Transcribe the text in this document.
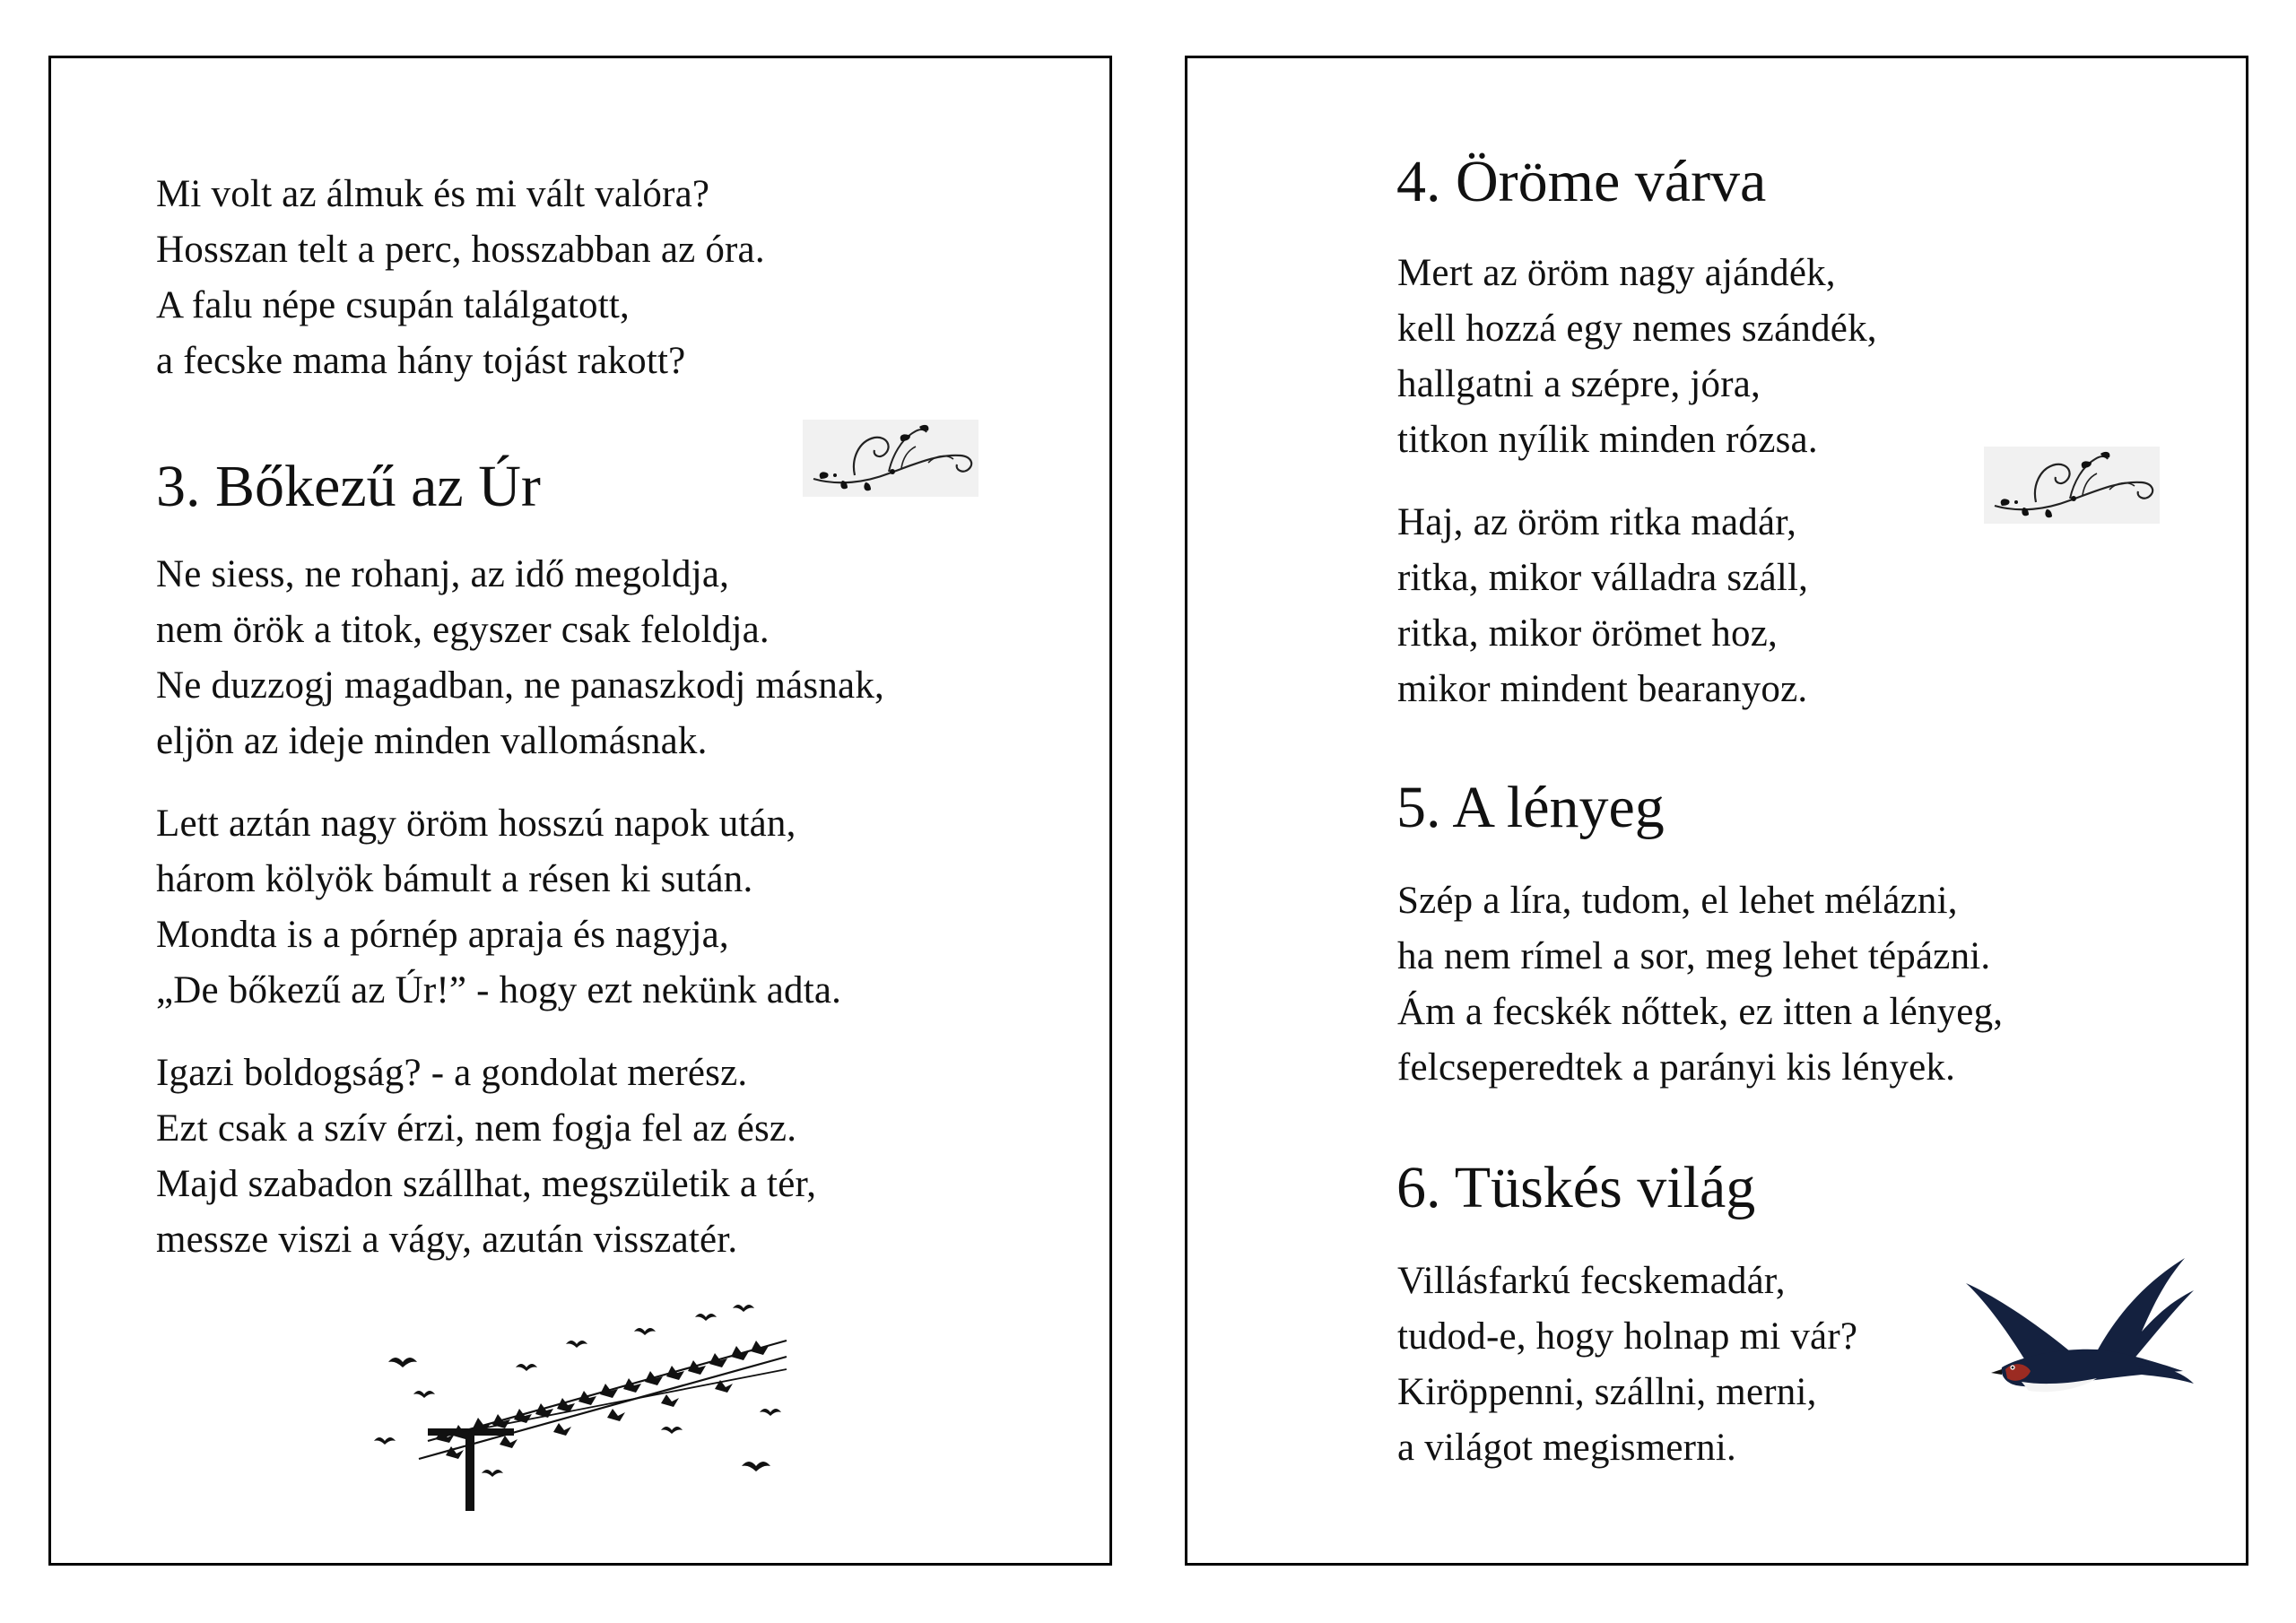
Mi volt az álmuk és mi vált valóra?
Hosszan telt a perc, hosszabban az óra.
A falu népe csupán találgatott,
a fecske mama hány tojást rakott?

3. Bőkezű az Úr

Ne siess, ne rohanj, az idő megoldja,
nem örök a titok, egyszer csak feloldja.
Ne duzzogj magadban, ne panaszkodj másnak,
eljön az ideje minden vallomásnak.

Lett aztán nagy öröm hosszú napok után,
három kölyök bámult a résen ki sután.
Mondta is a pórnép apraja és nagyja,
„De bőkezű az Úr!” - hogy ezt nekünk adta.

Igazi boldogság? - a gondolat merész.
Ezt csak a szív érzi, nem fogja fel az ész.
Majd szabadon szállhat, megszületik a tér,
messze viszi a vágy, azután visszatér.

4. Öröme várva

Mert az öröm nagy ajándék,
kell hozzá egy nemes szándék,
hallgatni a szépre, jóra,
titkon nyílik minden rózsa.

Haj, az öröm ritka madár,
ritka, mikor válladra száll,
ritka, mikor örömet hoz,
mikor mindent bearanyoz.

5. A lényeg

Szép a líra, tudom, el lehet mélázni,
ha nem rímel a sor, meg lehet tépázni.
Ám a fecskék nőttek, ez itten a lényeg,
felcseperedtek a parányi kis lények.

6. Tüskés világ

Villásfarkú fecskemadár,
tudod-e, hogy holnap mi vár?
Kiröppenni, szállni, merni,
a világot megismerni.
